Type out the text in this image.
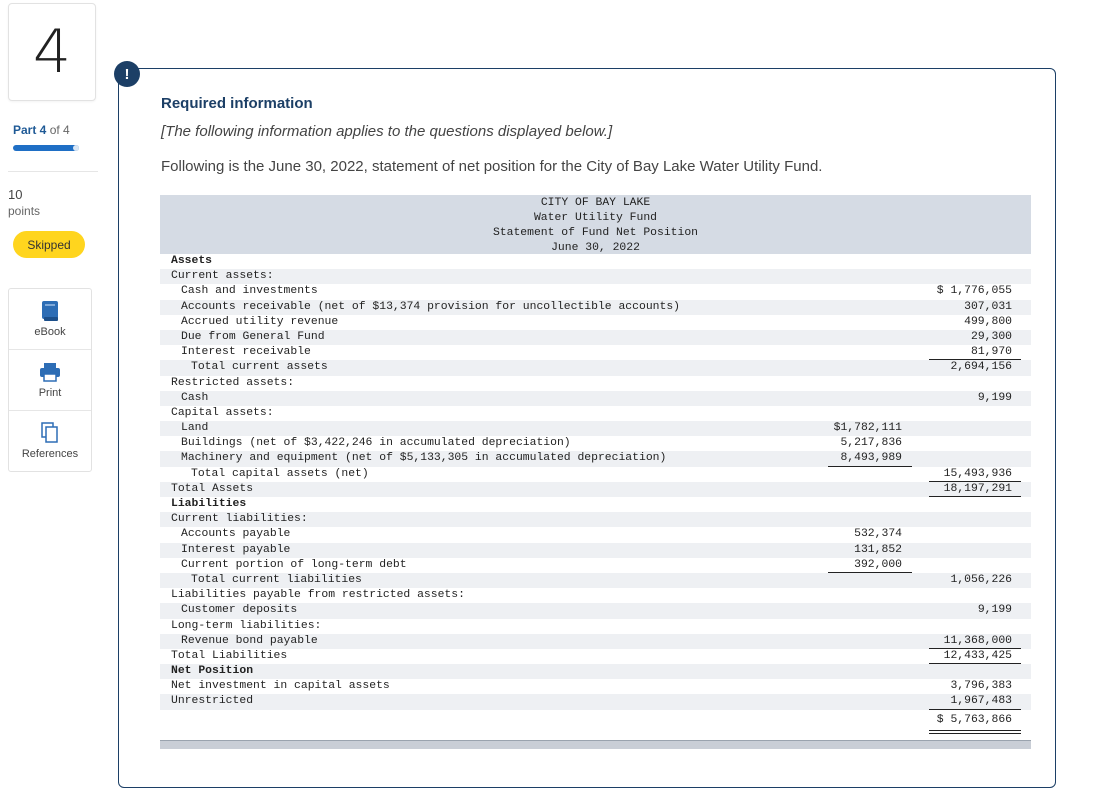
4
Part 4 of 4
10
points
Skipped
eBook
Print
References
!
Required information
[The following information applies to the questions displayed below.]
Following is the June 30, 2022, statement of net position for the City of Bay Lake Water Utility Fund.
CITY OF BAY LAKE
Water Utility Fund
Statement of Fund Net Position
June 30, 2022
Assets
Current assets:
Cash and investments	$ 1,776,055
Accounts receivable (net of $13,374 provision for uncollectible accounts)	307,031
Accrued utility revenue	499,800
Due from General Fund	29,300
Interest receivable	81,970
Total current assets	2,694,156
Restricted assets:
Cash	9,199
Capital assets:
Land	$1,782,111
Buildings (net of $3,422,246 in accumulated depreciation)	5,217,836
Machinery and equipment (net of $5,133,305 in accumulated depreciation)	8,493,989
Total capital assets (net)	15,493,936
Total Assets	18,197,291
Liabilities
Current liabilities:
Accounts payable	532,374
Interest payable	131,852
Current portion of long-term debt	392,000
Total current liabilities	1,056,226
Liabilities payable from restricted assets:
Customer deposits	9,199
Long-term liabilities:
Revenue bond payable	11,368,000
Total Liabilities	12,433,425
Net Position
Net investment in capital assets	3,796,383
Unrestricted	1,967,483
$ 5,763,866
